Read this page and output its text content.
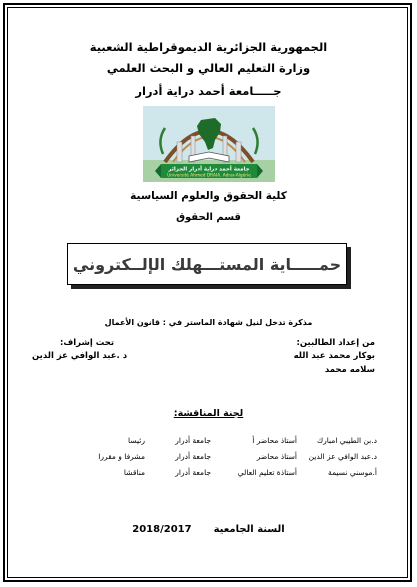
الجمهورية الجزائرية الديموقراطية الشعبية
وزارة التعليم العالي و البحث العلمي
جـــــامعة أحمد دراية أدرار
جامعة أحمد دراية أدرار الجزائر
Université Ahmed DRAIA. Adrar-Algérie
كلية الحقوق والعلوم السياسية
قسم الحقوق
حمـــــاية المستـــهلك الإلــكتروني
مذكرة تدخل لنيل شهادة الماستر في : قانون الأعمال
من إعداد الطالبين:
بوكار محمد عبد الله
سلامه محمد
تحت إشراف:
د .عبد الوافي عز الدين
لجنة المناقشة:
د.بن الطيبي امبارك
أستاذ محاضر أ
جامعة أدرار
رئيسا
د.عبد الوافي عز الدين
أستاذ محاضر
جامعة أدرار
مشرفا و مقررا
أ.موسني نسيمة
أستاذة تعليم العالي
جامعة أدرار
مناقشا
السنة الجامعية2018/2017
